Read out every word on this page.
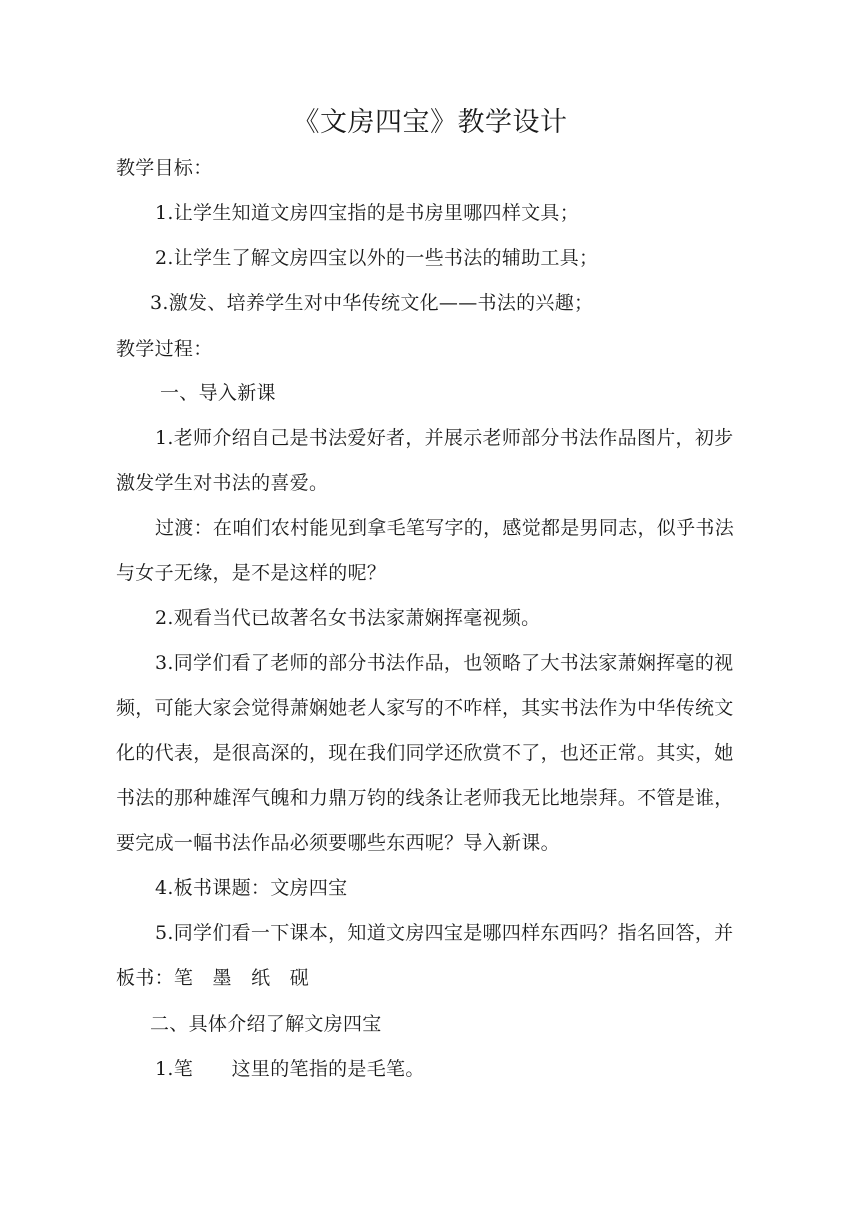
《文房四宝》教学设计
教学目标：
1.让学生知道文房四宝指的是书房里哪四样文具；
2.让学生了解文房四宝以外的一些书法的辅助工具；
3.激发、培养学生对中华传统文化——书法的兴趣；
教学过程：
一、导入新课
1.老师介绍自己是书法爱好者，并展示老师部分书法作品图片，初步
激发学生对书法的喜爱。
过渡：在咱们农村能见到拿毛笔写字的，感觉都是男同志，似乎书法
与女子无缘，是不是这样的呢？
2.观看当代已故著名女书法家萧娴挥毫视频。
3.同学们看了老师的部分书法作品，也领略了大书法家萧娴挥毫的视
频，可能大家会觉得萧娴她老人家写的不咋样，其实书法作为中华传统文
化的代表，是很高深的，现在我们同学还欣赏不了，也还正常。其实，她
书法的那种雄浑气魄和力鼎万钧的线条让老师我无比地崇拜。不管是谁，
要完成一幅书法作品必须要哪些东西呢？导入新课。
4.板书课题：文房四宝
5.同学们看一下课本，知道文房四宝是哪四样东西吗？指名回答，并
板书：笔　墨　纸　砚
二、具体介绍了解文房四宝
1.笔　　这里的笔指的是毛笔。
